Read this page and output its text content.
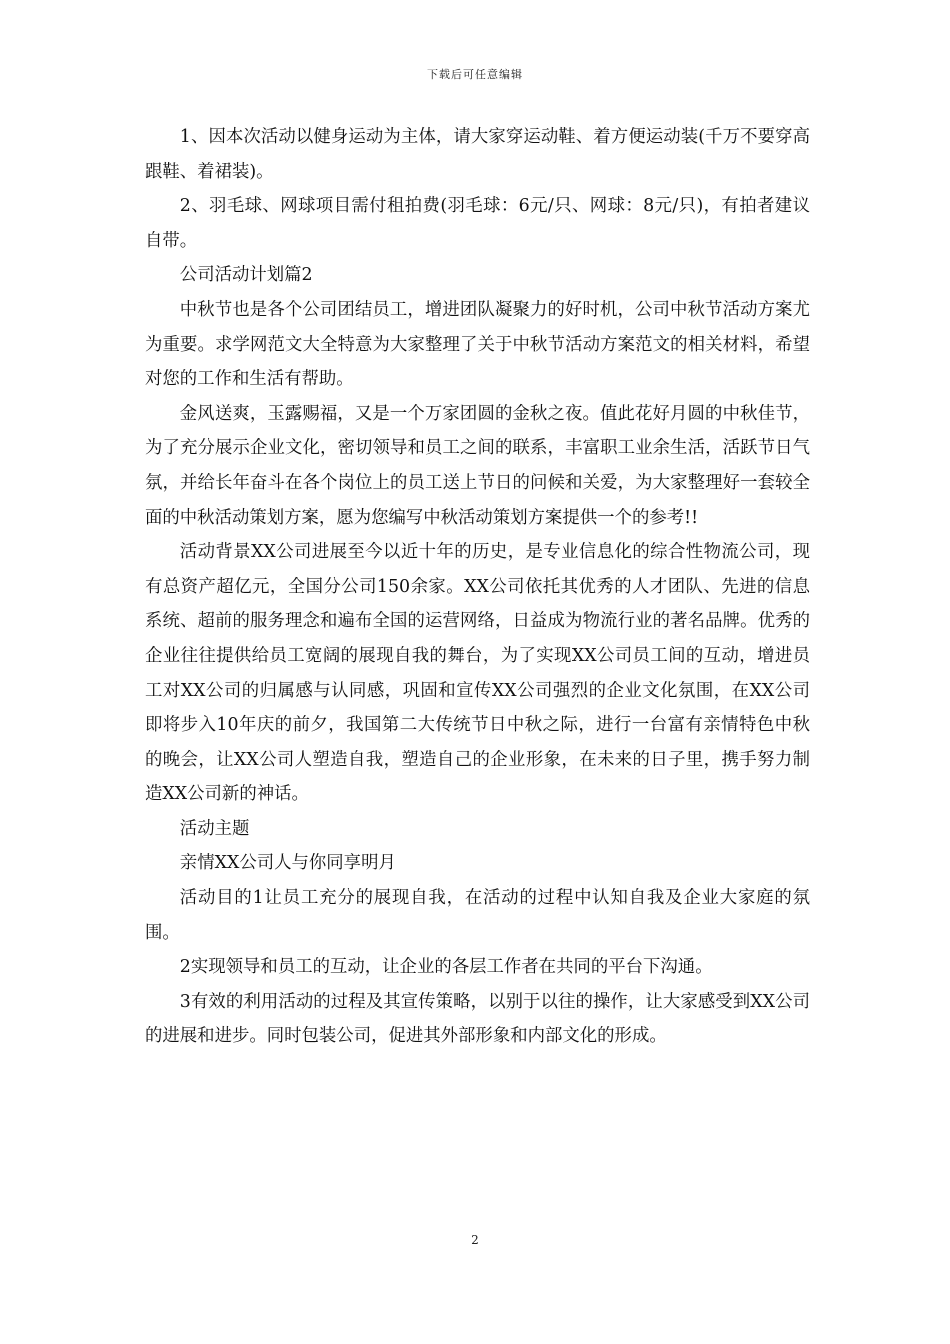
下载后可任意编辑

1、因本次活动以健身运动为主体，请大家穿运动鞋、着方便运动装(千万不要穿高跟鞋、着裙装)。

2、羽毛球、网球项目需付租拍费(羽毛球：6元/只、网球：8元/只)，有拍者建议自带。

公司活动计划篇2

中秋节也是各个公司团结员工，增进团队凝聚力的好时机，公司中秋节活动方案尤为重要。求学网范文大全特意为大家整理了关于中秋节活动方案范文的相关材料，希望对您的工作和生活有帮助。

金风送爽，玉露赐福，又是一个万家团圆的金秋之夜。值此花好月圆的中秋佳节，为了充分展示企业文化，密切领导和员工之间的联系，丰富职工业余生活，活跃节日气氛，并给长年奋斗在各个岗位上的员工送上节日的问候和关爱，为大家整理好一套较全面的中秋活动策划方案，愿为您编写中秋活动策划方案提供一个的参考!!

活动背景XX公司进展至今以近十年的历史，是专业信息化的综合性物流公司，现有总资产超亿元，全国分公司150余家。XX公司依托其优秀的人才团队、先进的信息系统、超前的服务理念和遍布全国的运营网络，日益成为物流行业的著名品牌。优秀的企业往往提供给员工宽阔的展现自我的舞台，为了实现XX公司员工间的互动，增进员工对XX公司的归属感与认同感，巩固和宣传XX公司强烈的企业文化氛围，在XX公司即将步入10年庆的前夕，我国第二大传统节日中秋之际，进行一台富有亲情特色中秋的晚会，让XX公司人塑造自我，塑造自己的企业形象，在未来的日子里，携手努力制造XX公司新的神话。

活动主题

亲情XX公司人与你同享明月

活动目的1让员工充分的展现自我，在活动的过程中认知自我及企业大家庭的氛围。

2实现领导和员工的互动，让企业的各层工作者在共同的平台下沟通。

3有效的利用活动的过程及其宣传策略，以别于以往的操作，让大家感受到XX公司的进展和进步。同时包装公司，促进其外部形象和内部文化的形成。

2
